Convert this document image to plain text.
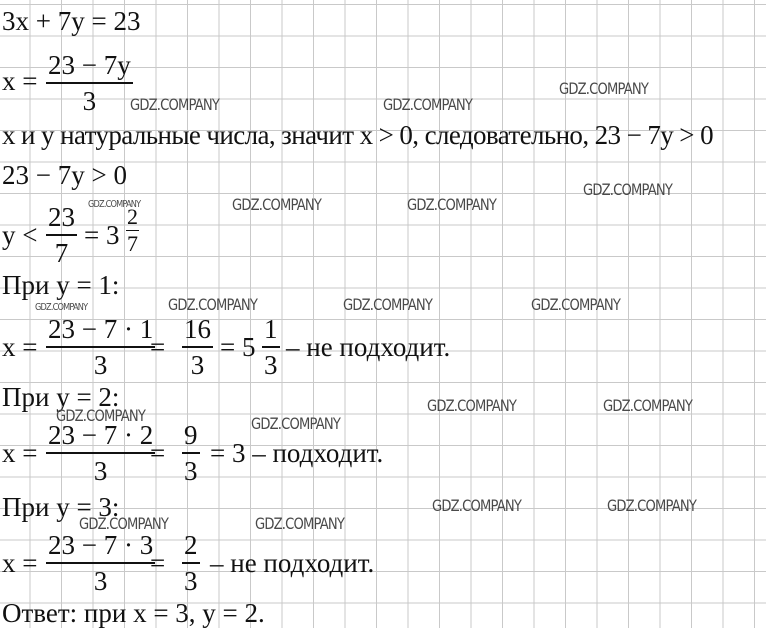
3x + 7y = 23
$x = \frac{23 - 7y}{3}$
x и y натуральные числа, значит x > 0, следовательно, 23 − 7y > 0
23 − 7y > 0
$y < \frac{23}{7} = 3 \frac{2}{7}$
При y = 1:
$x = \frac{23 - 7 \cdot 1}{3}$
= $\frac{16}{3} = 5 \frac{1}{3}$ – не подходит.
При y = 2:
$x = \frac{23 - 7 \cdot 2}{3}$
= $\frac{9}{3} = 3$ – подходит.
При y = 3:
$x = \frac{23 - 7 \cdot 3}{3}$
= $\frac{2}{3}$ – не подходит.
Ответ: при x = 3, y = 2.
GDZ.COMPANY	GDZ.COMPANY
GDZ.COMPANY
GDZ.COMPANY
GDZ.COMPANY	GDZ.COMPANY	GDZ.COMPANY
GDZ.COMPANY	GDZ.COMPANY	GDZ.COMPANY	GDZ.COMPANY
GDZ.COMPANY	GDZ.COMPANY
GDZ.COMPANY	GDZ.COMPANY
GDZ.COMPANY	GDZ.COMPANY
GDZ.COMPANY	GDZ.COMPANY
